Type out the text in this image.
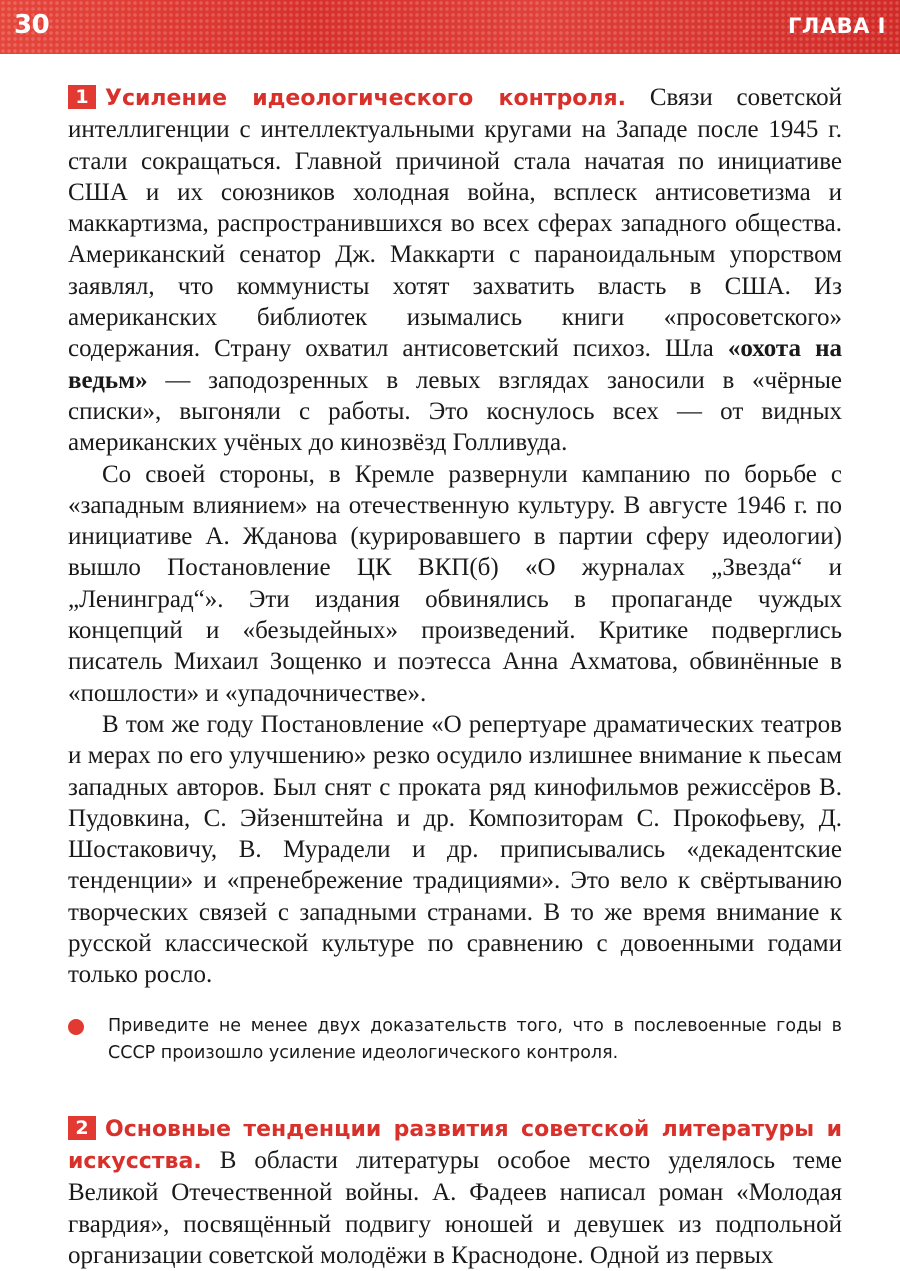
30	ГЛАВА I

1 Усиление идеологического контроля. Связи советской интеллигенции с интеллектуальными кругами на Западе после 1945 г. стали сокращаться. Главной причиной стала начатая по инициативе США и их союзников холодная война, всплеск антисоветизма и маккартизма, распространившихся во всех сферах западного общества. Американский сенатор Дж. Маккарти с параноидальным упорством заявлял, что коммунисты хотят захватить власть в США. Из американских библиотек изымались книги «просоветского» содержания. Страну охватил антисоветский психоз. Шла «охота на ведьм» — заподозренных в левых взглядах заносили в «чёрные списки», выгоняли с работы. Это коснулось всех — от видных американских учёных до кинозвёзд Голливуда.

Со своей стороны, в Кремле развернули кампанию по борьбе с «западным влиянием» на отечественную культуру. В августе 1946 г. по инициативе А. Жданова (курировавшего в партии сферу идеологии) вышло Постановление ЦК ВКП(б) «О журналах „Звезда“ и „Ленинград“». Эти издания обвинялись в пропаганде чуждых концепций и «безыдейных» произведений. Критике подверглись писатель Михаил Зощенко и поэтесса Анна Ахматова, обвинённые в «пошлости» и «упадочничестве».

В том же году Постановление «О репертуаре драматических театров и мерах по его улучшению» резко осудило излишнее внимание к пьесам западных авторов. Был снят с проката ряд кинофильмов режиссёров В. Пудовкина, С. Эйзенштейна и др. Композиторам С. Прокофьеву, Д. Шостаковичу, В. Мурадели и др. приписывались «декадентские тенденции» и «пренебрежение традициями». Это вело к свёртыванию творческих связей с западными странами. В то же время внимание к русской классической культуре по сравнению с довоенными годами только росло.

Приведите не менее двух доказательств того, что в послевоенные годы в СССР произошло усиление идеологического контроля.

2 Основные тенденции развития советской литературы и искусства. В области литературы особое место уделялось теме Великой Отечественной войны. А. Фадеев написал роман «Молодая гвардия», посвящённый подвигу юношей и девушек из подпольной организации советской молодёжи в Краснодоне. Одной из первых
